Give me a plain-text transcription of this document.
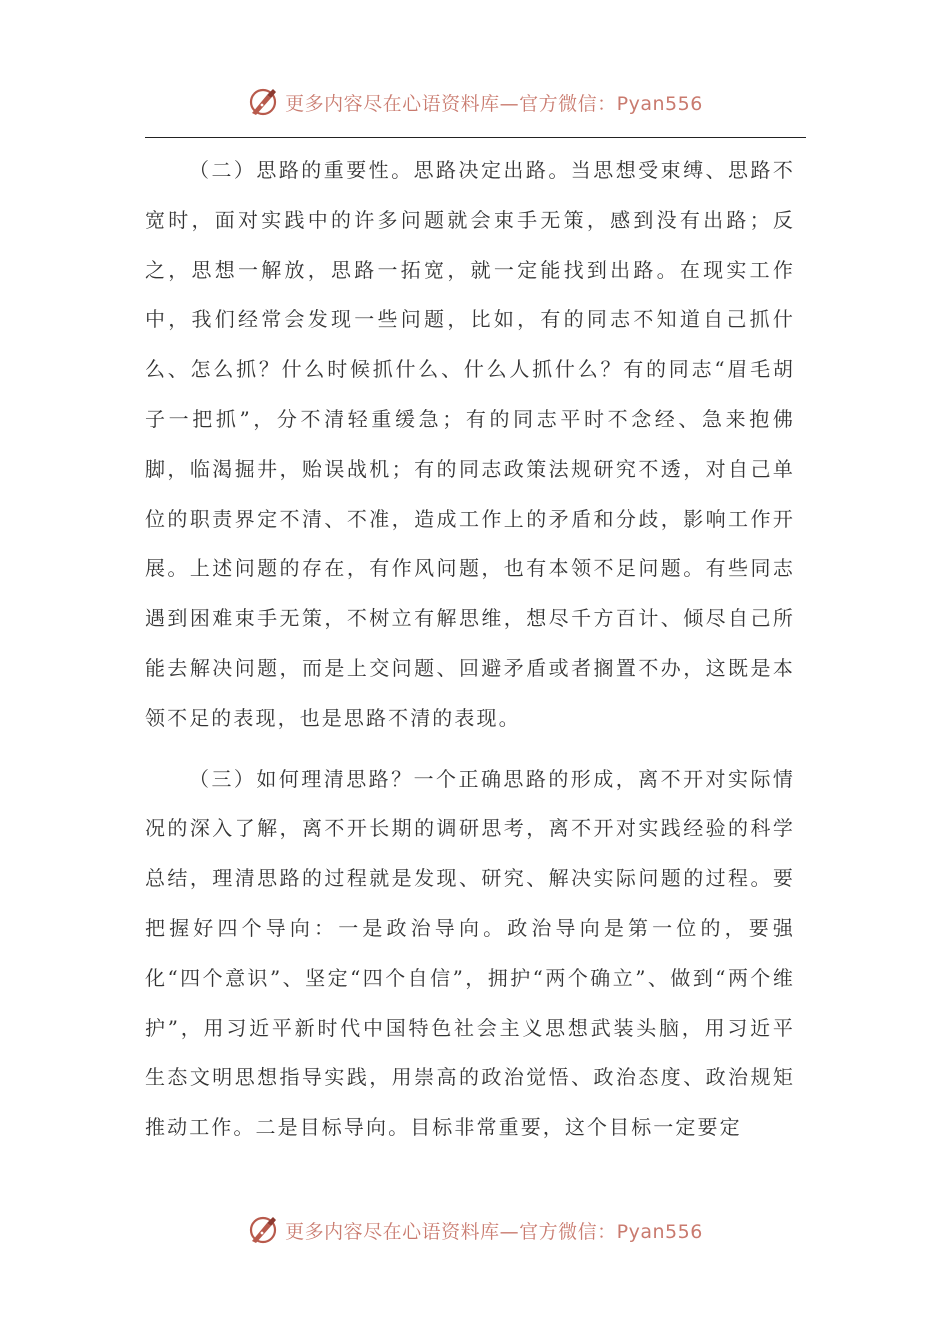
更多内容尽在心语资料库—官方微信：Pyan556

（二）思路的重要性。思路决定出路。当思想受束缚、思路不宽时，面对实践中的许多问题就会束手无策，感到没有出路；反之，思想一解放，思路一拓宽，就一定能找到出路。在现实工作中，我们经常会发现一些问题，比如，有的同志不知道自己抓什么、怎么抓？什么时候抓什么、什么人抓什么？有的同志“眉毛胡子一把抓”，分不清轻重缓急；有的同志平时不念经、急来抱佛脚，临渴掘井，贻误战机；有的同志政策法规研究不透，对自己单位的职责界定不清、不准，造成工作上的矛盾和分歧，影响工作开展。上述问题的存在，有作风问题，也有本领不足问题。有些同志遇到困难束手无策，不树立有解思维，想尽千方百计、倾尽自己所能去解决问题，而是上交问题、回避矛盾或者搁置不办，这既是本领不足的表现，也是思路不清的表现。

（三）如何理清思路？一个正确思路的形成，离不开对实际情况的深入了解，离不开长期的调研思考，离不开对实践经验的科学总结，理清思路的过程就是发现、研究、解决实际问题的过程。要把握好四个导向：一是政治导向。政治导向是第一位的，要强化“四个意识”、坚定“四个自信”，拥护“两个确立”、做到“两个维护”，用习近平新时代中国特色社会主义思想武装头脑，用习近平生态文明思想指导实践，用崇高的政治觉悟、政治态度、政治规矩推动工作。二是目标导向。目标非常重要，这个目标一定要定

更多内容尽在心语资料库—官方微信：Pyan556
